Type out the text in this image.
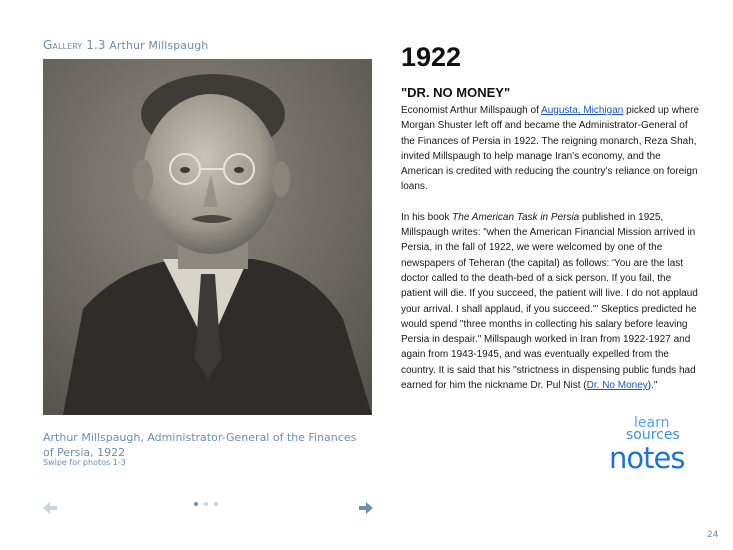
Gallery 1.3 Arthur Millspaugh
Arthur Millspaugh, Administrator-General of the Finances of Persia, 1922
Swipe for photos 1-3
1922
"DR. NO MONEY"

Economist Arthur Millspaugh of Augusta, Michigan picked up where Morgan Shuster left off and became the Administrator-General of the Finances of Persia in 1922. The reigning monarch, Reza Shah, invited Millspaugh to help manage Iran's economy, and the American is credited with reducing the country's reliance on foreign loans.

In his book The American Task in Persia published in 1925, Millspaugh writes: "when the American Financial Mission arrived in Persia, in the fall of 1922, we were welcomed by one of the newspapers of Teheran (the capital) as follows: 'You are the last doctor called to the death-bed of a sick person. If you fail, the patient will die. If you succeed, the patient will live. I do not applaud your arrival. I shall applaud, if you succeed.'" Skeptics predicted he would spend "three months in collecting his salary before leaving Persia in despair." Millspaugh worked in Iran from 1922-1927 and again from 1943-1945, and was eventually expelled from the country. It is said that his "strictness in dispensing public funds had earned for him the nickname Dr. Pul Nist (Dr. No Money)."

learn
sources
notes
24
